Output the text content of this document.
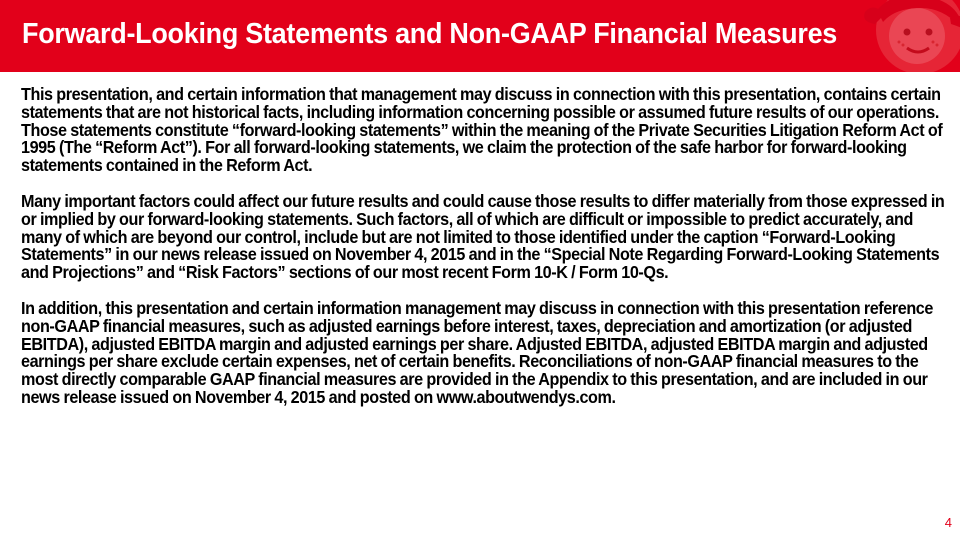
Forward-Looking Statements and Non-GAAP Financial Measures

This presentation, and certain information that management may discuss in connection with this presentation, contains certain statements that are not historical facts, including information concerning possible or assumed future results of our operations. Those statements constitute “forward-looking statements” within the meaning of the Private Securities Litigation Reform Act of 1995 (The “Reform Act”). For all forward-looking statements, we claim the protection of the safe harbor for forward-looking statements contained in the Reform Act.

Many important factors could affect our future results and could cause those results to differ materially from those expressed in or implied by our forward-looking statements. Such factors, all of which are difficult or impossible to predict accurately, and many of which are beyond our control, include but are not limited to those identified under the caption “Forward-Looking Statements” in our news release issued on November 4, 2015 and in the “Special Note Regarding Forward-Looking Statements and Projections” and “Risk Factors” sections of our most recent Form 10-K / Form 10-Qs.

In addition, this presentation and certain information management may discuss in connection with this presentation reference non-GAAP financial measures, such as adjusted earnings before interest, taxes, depreciation and amortization (or adjusted EBITDA), adjusted EBITDA margin and adjusted earnings per share. Adjusted EBITDA, adjusted EBITDA margin and adjusted earnings per share exclude certain expenses, net of certain benefits. Reconciliations of non-GAAP financial measures to the most directly comparable GAAP financial measures are provided in the Appendix to this presentation, and are included in our news release issued on November 4, 2015 and posted on www.aboutwendys.com.

4
